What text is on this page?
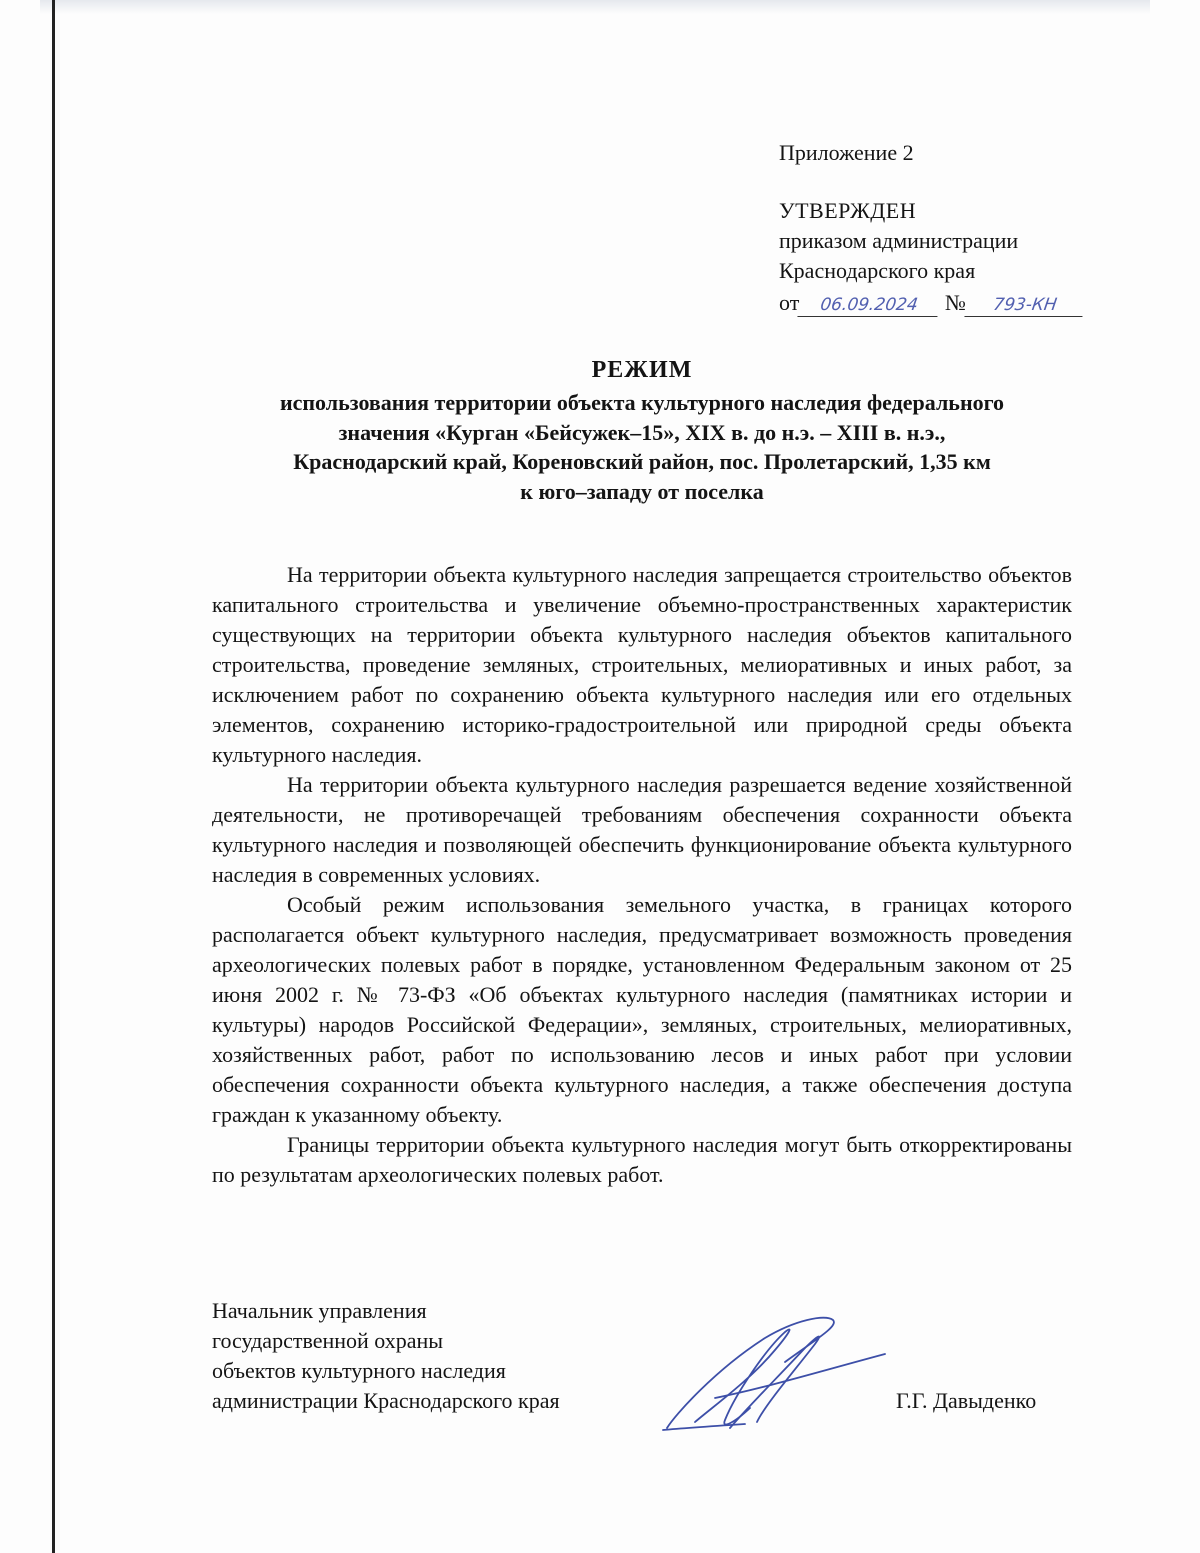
Приложение 2
УТВЕРЖДЕН
приказом администрации
Краснодарского края
от 06.09.2024 № 793-КН
РЕЖИМ
использования территории объекта культурного наследия федерального
значения «Курган «Бейсужек–15», XIX в. до н.э. – XIII в. н.э.,
Краснодарский край, Кореновский район, пос. Пролетарский, 1,35 км
к юго–западу от поселка

На территории объекта культурного наследия запрещается строительство объектов капитального строительства и увеличение объемно-пространственных характеристик существующих на территории объекта культурного наследия объектов капитального строительства, проведение земляных, строительных, мелиоративных и иных работ, за исключением работ по сохранению объекта культурного наследия или его отдельных элементов, сохранению историко-градостроительной или природной среды объекта культурного наследия.

На территории объекта культурного наследия разрешается ведение хозяйственной деятельности, не противоречащей требованиям обеспечения сохранности объекта культурного наследия и позволяющей обеспечить функционирование объекта культурного наследия в современных условиях.

Особый режим использования земельного участка, в границах которого располагается объект культурного наследия, предусматривает возможность проведения археологических полевых работ в порядке, установленном Федеральным законом от 25 июня 2002 г. № 73-ФЗ «Об объектах культурного наследия (памятниках истории и культуры) народов Российской Федерации», земляных, строительных, мелиоративных, хозяйственных работ, работ по использованию лесов и иных работ при условии обеспечения сохранности объекта культурного наследия, а также обеспечения доступа граждан к указанному объекту.

Границы территории объекта культурного наследия могут быть откорректированы по результатам археологических полевых работ.

Начальник управления
государственной охраны
объектов культурного наследия
администрации Краснодарского края	Г.Г. Давыденко
